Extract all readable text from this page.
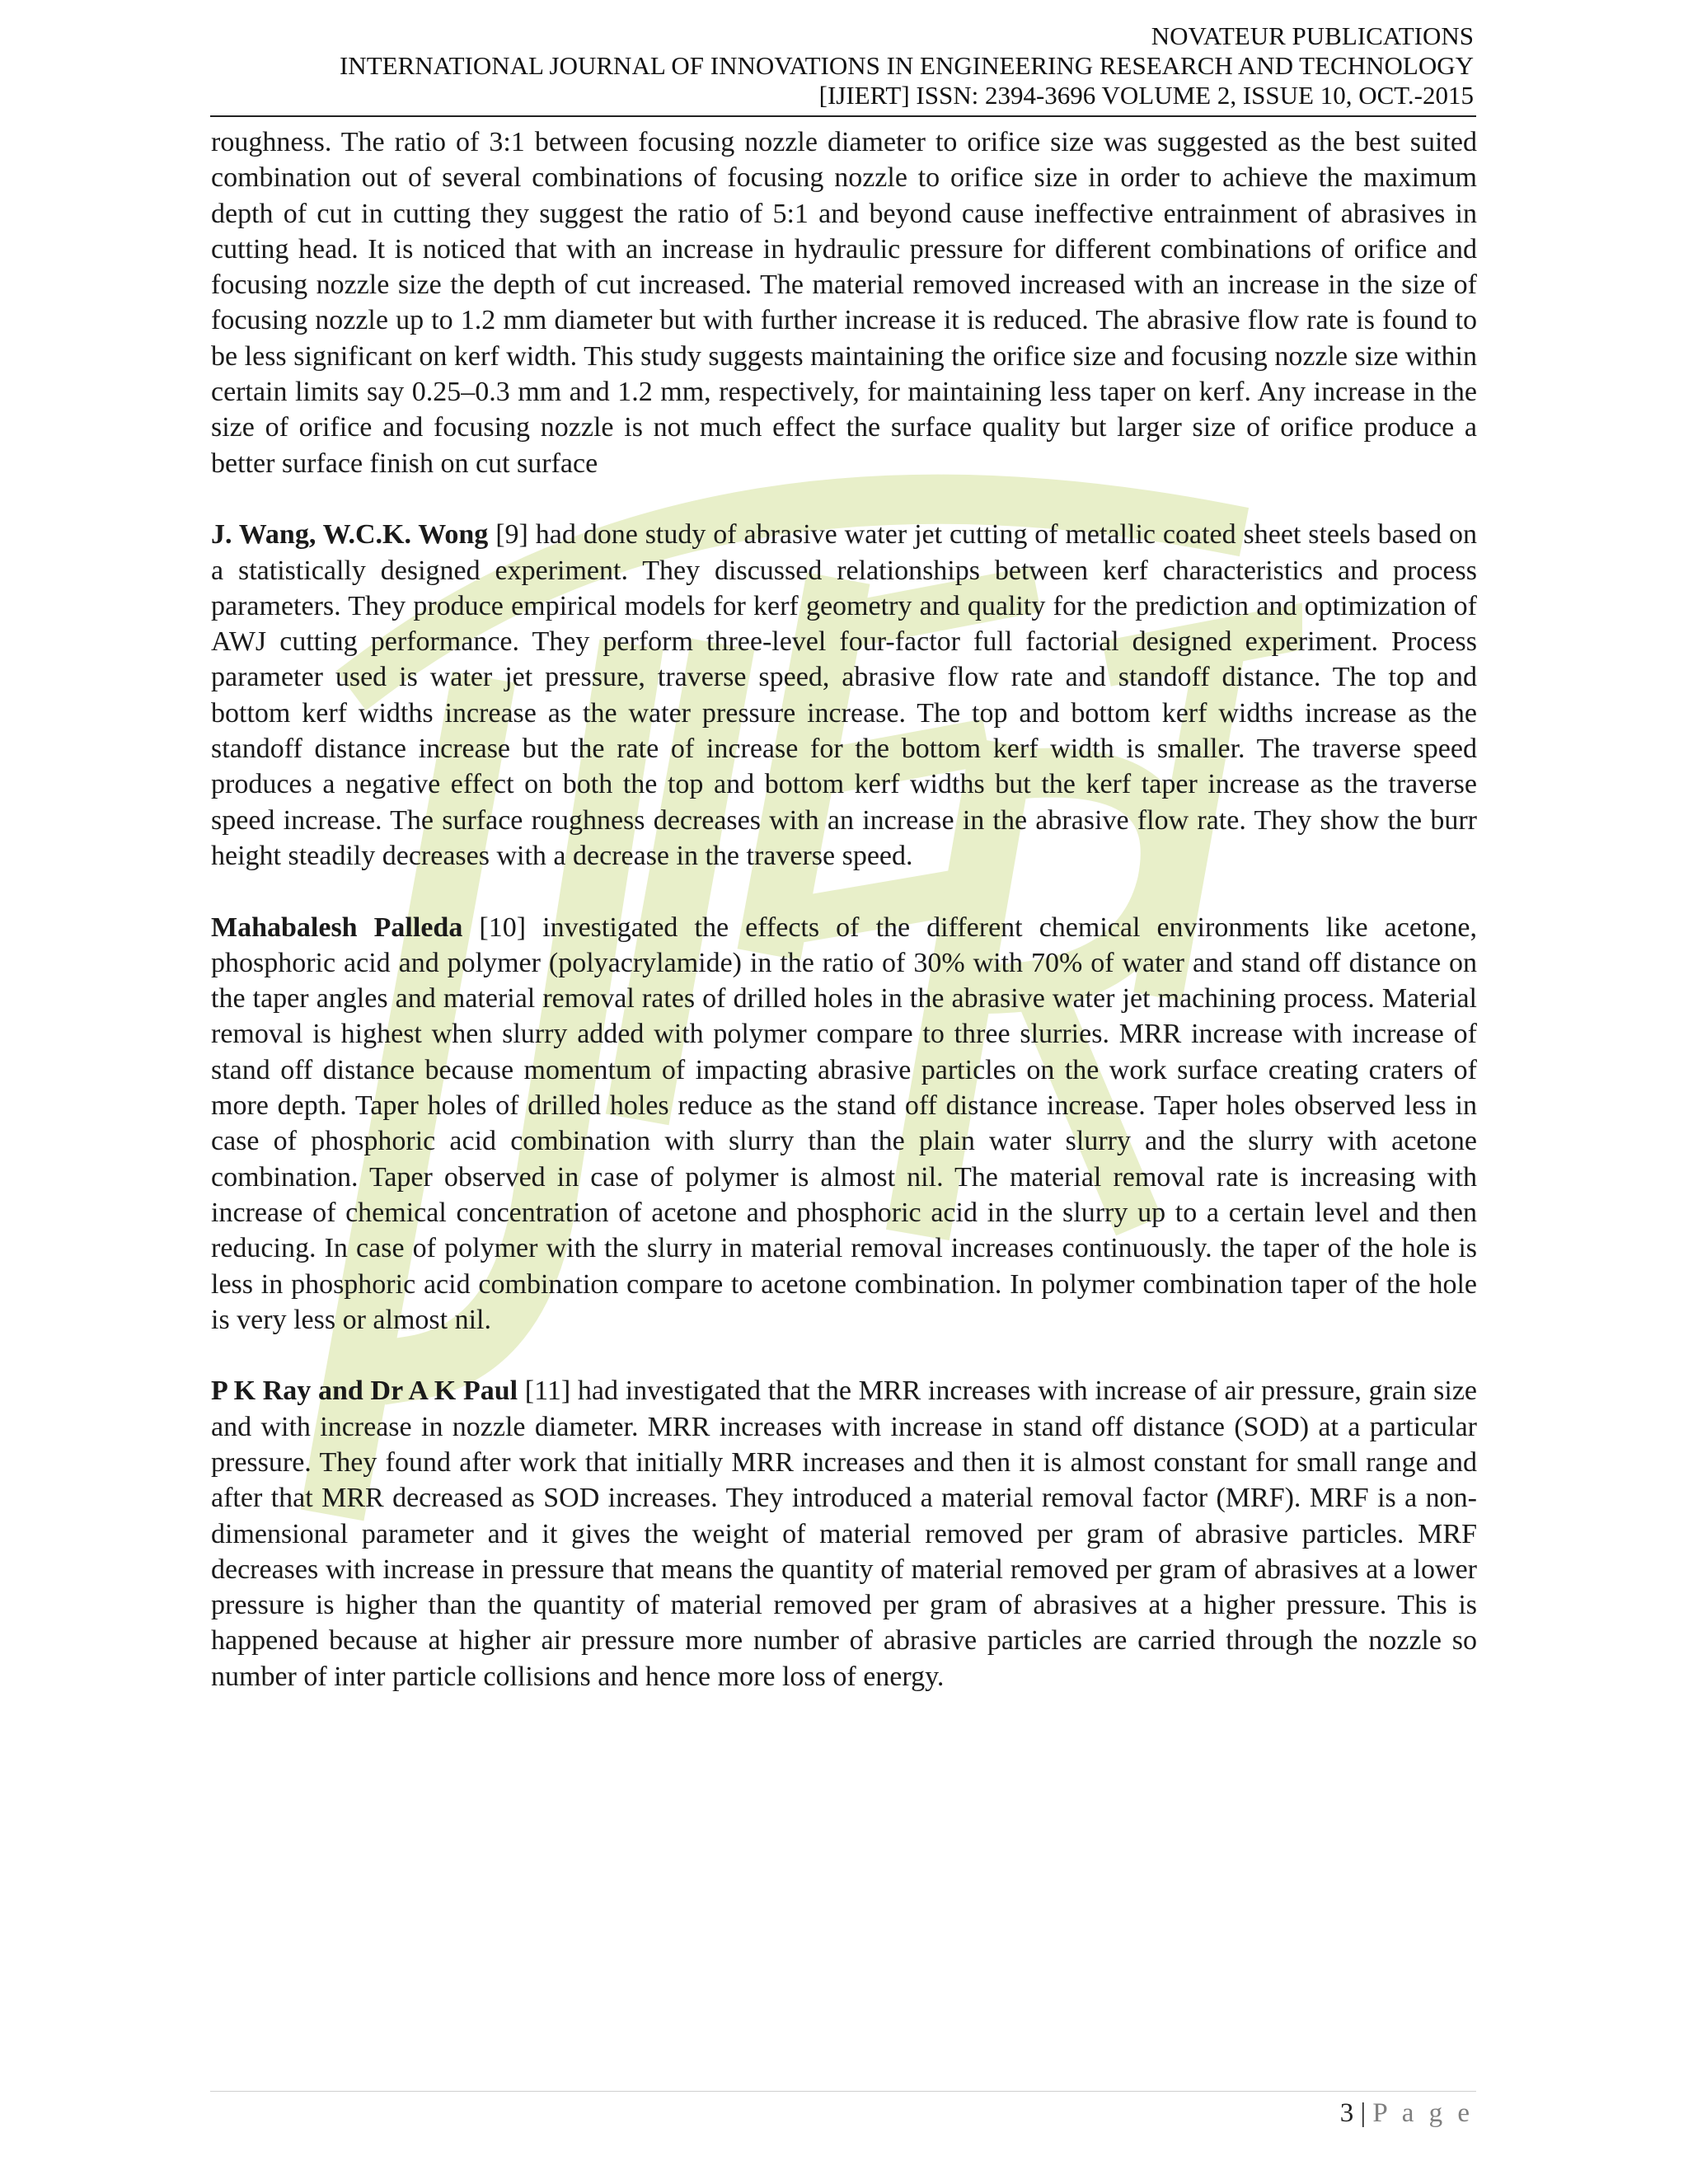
NOVATEUR PUBLICATIONS
INTERNATIONAL JOURNAL OF INNOVATIONS IN ENGINEERING RESEARCH AND TECHNOLOGY
[IJIERT] ISSN: 2394-3696 VOLUME 2, ISSUE 10, OCT.-2015

roughness. The ratio of 3:1 between focusing nozzle diameter to orifice size was suggested as the best suited combination out of several combinations of focusing nozzle to orifice size in order to achieve the maximum depth of cut in cutting they suggest the ratio of 5:1 and beyond cause ineffective entrainment of abrasives in cutting head. It is noticed that with an increase in hydraulic pressure for different combinations of orifice and focusing nozzle size the depth of cut increased. The material removed increased with an increase in the size of focusing nozzle up to 1.2 mm diameter but with further increase it is reduced. The abrasive flow rate is found to be less significant on kerf width. This study suggests maintaining the orifice size and focusing nozzle size within certain limits say 0.25–0.3 mm and 1.2 mm, respectively, for maintaining less taper on kerf. Any increase in the size of orifice and focusing nozzle is not much effect the surface quality but larger size of orifice produce a better surface finish on cut surface

J. Wang, W.C.K. Wong [9] had done study of abrasive water jet cutting of metallic coated sheet steels based on a statistically designed experiment. They discussed relationships between kerf characteristics and process parameters. They produce empirical models for kerf geometry and quality for the prediction and optimization of AWJ cutting performance. They perform three-level four-factor full factorial designed experiment. Process parameter used is water jet pressure, traverse speed, abrasive flow rate and standoff distance. The top and bottom kerf widths increase as the water pressure increase. The top and bottom kerf widths increase as the standoff distance increase but the rate of increase for the bottom kerf width is smaller. The traverse speed produces a negative effect on both the top and bottom kerf widths but the kerf taper increase as the traverse speed increase. The surface roughness decreases with an increase in the abrasive flow rate. They show the burr height steadily decreases with a decrease in the traverse speed.

Mahabalesh Palleda [10] investigated the effects of the different chemical environments like acetone, phosphoric acid and polymer (polyacrylamide) in the ratio of 30% with 70% of water and stand off distance on the taper angles and material removal rates of drilled holes in the abrasive water jet machining process. Material removal is highest when slurry added with polymer compare to three slurries. MRR increase with increase of stand off distance because momentum of impacting abrasive particles on the work surface creating craters of more depth. Taper holes of drilled holes reduce as the stand off distance increase. Taper holes observed less in case of phosphoric acid combination with slurry than the plain water slurry and the slurry with acetone combination. Taper observed in case of polymer is almost nil. The material removal rate is increasing with increase of chemical concentration of acetone and phosphoric acid in the slurry up to a certain level and then reducing. In case of polymer with the slurry in material removal increases continuously. the taper of the hole is less in phosphoric acid combination compare to acetone combination. In polymer combination taper of the hole is very less or almost nil.

P K Ray and Dr A K Paul [11] had investigated that the MRR increases with increase of air pressure, grain size and with increase in nozzle diameter. MRR increases with increase in stand off distance (SOD) at a particular pressure. They found after work that initially MRR increases and then it is almost constant for small range and after that MRR decreased as SOD increases. They introduced a material removal factor (MRF). MRF is a non-dimensional parameter and it gives the weight of material removed per gram of abrasive particles. MRF decreases with increase in pressure that means the quantity of material removed per gram of abrasives at a lower pressure is higher than the quantity of material removed per gram of abrasives at a higher pressure. This is happened because at higher air pressure more number of abrasive particles are carried through the nozzle so number of inter particle collisions and hence more loss of energy.

3 | P a g e
